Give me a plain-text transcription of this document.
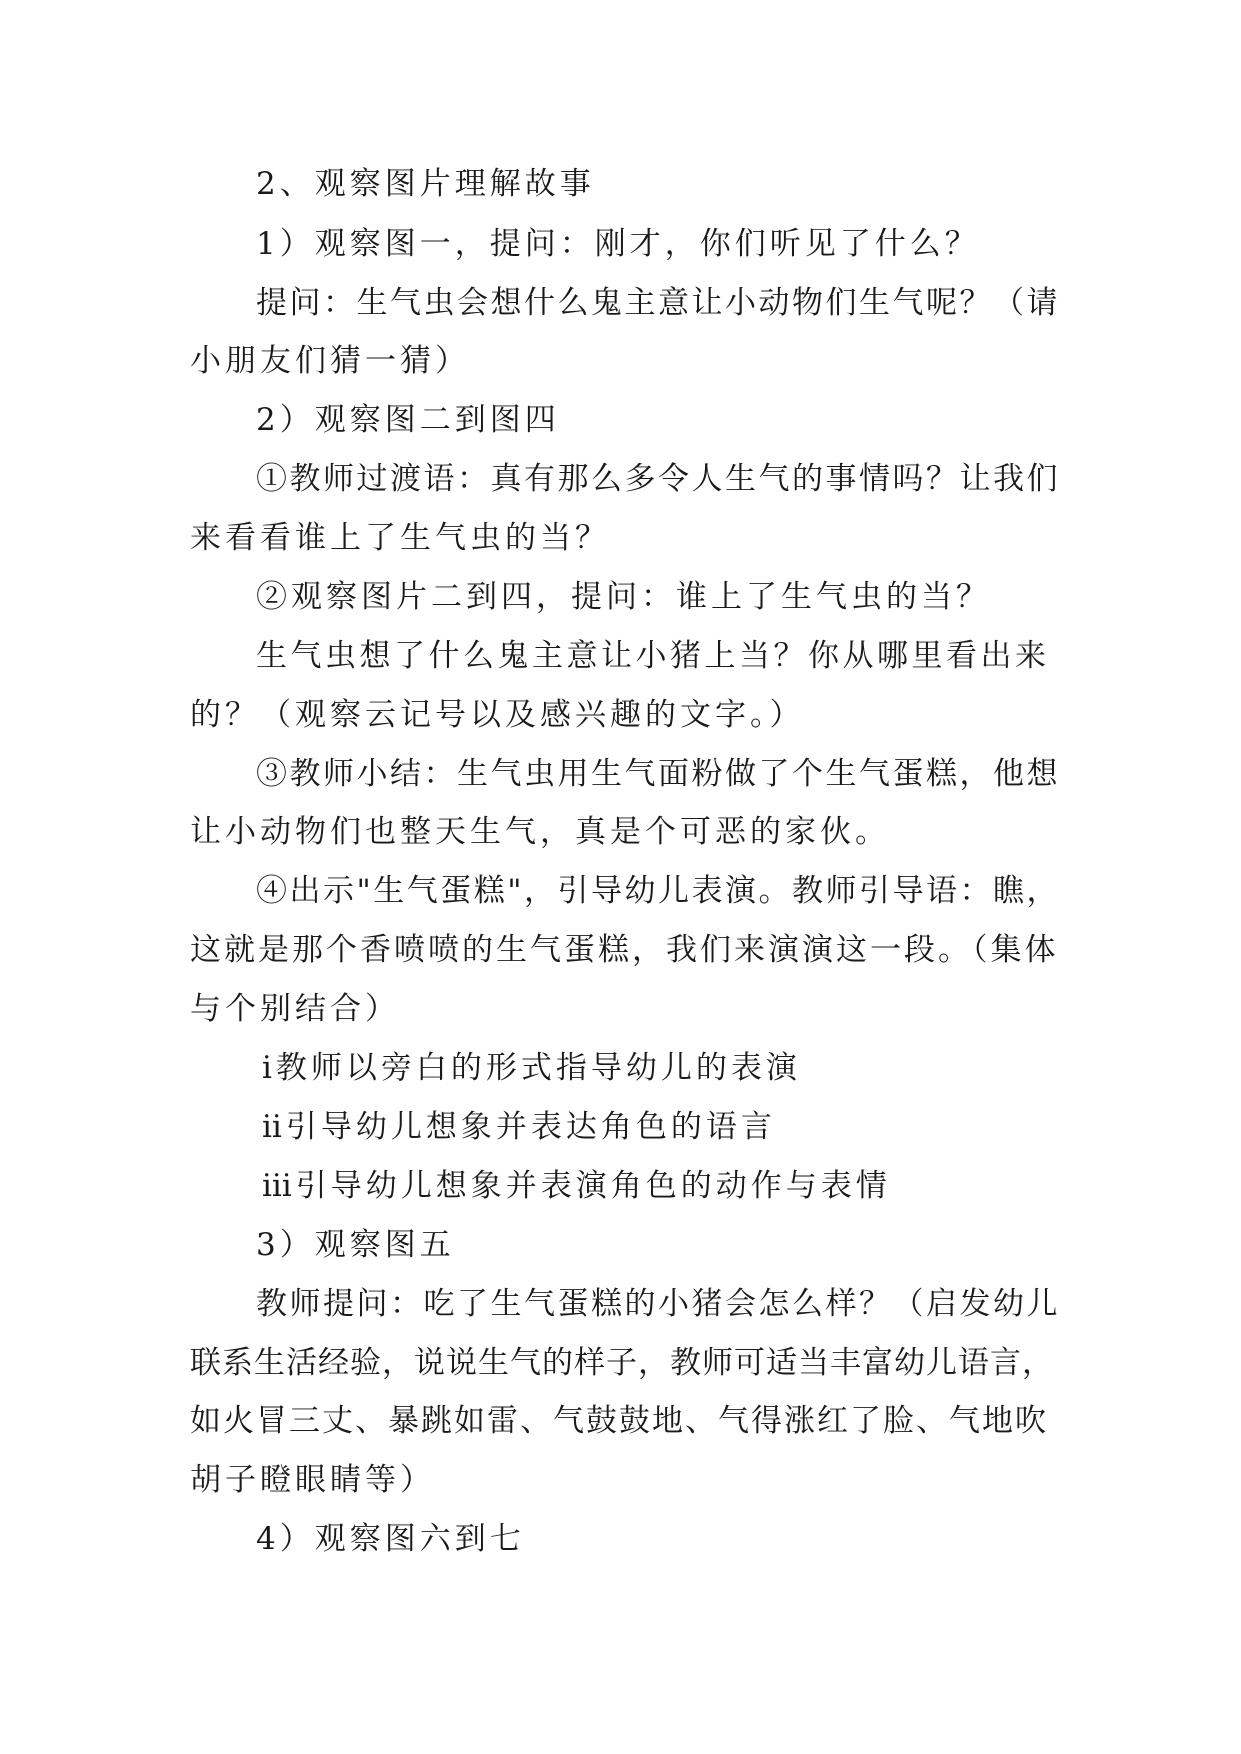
2、观察图片理解故事
1）观察图一，提问：刚才，你们听见了什么？
提问：生气虫会想什么鬼主意让小动物们生气呢？（请
小朋友们猜一猜）
2）观察图二到图四
①教师过渡语：真有那么多令人生气的事情吗？让我们
来看看谁上了生气虫的当？
②观察图片二到四，提问：谁上了生气虫的当？
生气虫想了什么鬼主意让小猪上当？你从哪里看出来
的？（观察云记号以及感兴趣的文字。）
③教师小结：生气虫用生气面粉做了个生气蛋糕，他想
让小动物们也整天生气，真是个可恶的家伙。
④出示"生气蛋糕"，引导幼儿表演。教师引导语：瞧，
这就是那个香喷喷的生气蛋糕，我们来演演这一段。（集体
与个别结合）
ⅰ教师以旁白的形式指导幼儿的表演
ⅱ引导幼儿想象并表达角色的语言
ⅲ引导幼儿想象并表演角色的动作与表情
3）观察图五
教师提问：吃了生气蛋糕的小猪会怎么样？（启发幼儿
联系生活经验，说说生气的样子，教师可适当丰富幼儿语言，
如火冒三丈、暴跳如雷、气鼓鼓地、气得涨红了脸、气地吹
胡子瞪眼睛等）
4）观察图六到七
